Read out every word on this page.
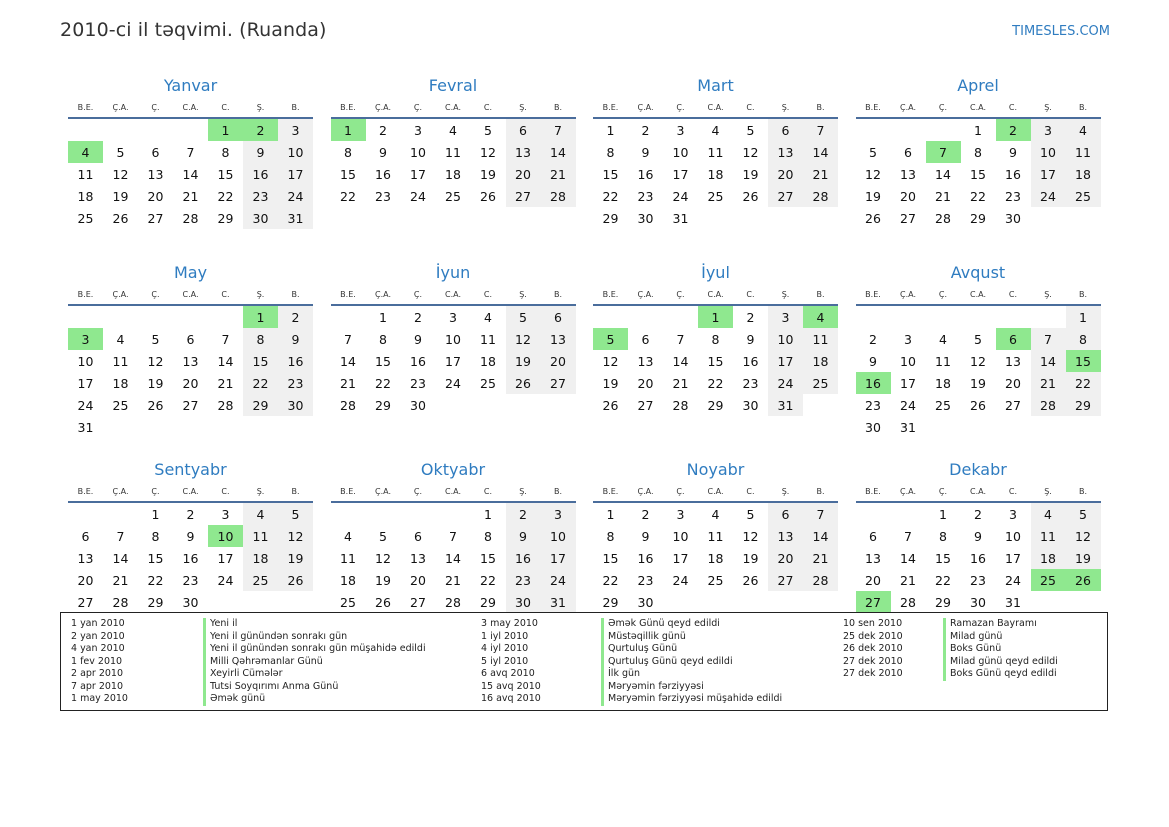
2010-ci il təqvimi. (Ruanda)	TIMESLES.COM
Yanvar
B.E.	Ç.A.	Ç.	C.A.	C.	Ş.	B.
				1	2	3
4	5	6	7	8	9	10
11	12	13	14	15	16	17
18	19	20	21	22	23	24
25	26	27	28	29	30	31
Fevral
B.E.	Ç.A.	Ç.	C.A.	C.	Ş.	B.
1	2	3	4	5	6	7
8	9	10	11	12	13	14
15	16	17	18	19	20	21
22	23	24	25	26	27	28
Mart
B.E.	Ç.A.	Ç.	C.A.	C.	Ş.	B.
1	2	3	4	5	6	7
8	9	10	11	12	13	14
15	16	17	18	19	20	21
22	23	24	25	26	27	28
29	30	31				
Aprel
B.E.	Ç.A.	Ç.	C.A.	C.	Ş.	B.
			1	2	3	4
5	6	7	8	9	10	11
12	13	14	15	16	17	18
19	20	21	22	23	24	25
26	27	28	29	30		
May
B.E.	Ç.A.	Ç.	C.A.	C.	Ş.	B.
					1	2
3	4	5	6	7	8	9
10	11	12	13	14	15	16
17	18	19	20	21	22	23
24	25	26	27	28	29	30
31						
İyun
B.E.	Ç.A.	Ç.	C.A.	C.	Ş.	B.
	1	2	3	4	5	6
7	8	9	10	11	12	13
14	15	16	17	18	19	20
21	22	23	24	25	26	27
28	29	30				
İyul
B.E.	Ç.A.	Ç.	C.A.	C.	Ş.	B.
			1	2	3	4
5	6	7	8	9	10	11
12	13	14	15	16	17	18
19	20	21	22	23	24	25
26	27	28	29	30	31	
Avqust
B.E.	Ç.A.	Ç.	C.A.	C.	Ş.	B.
						1
2	3	4	5	6	7	8
9	10	11	12	13	14	15
16	17	18	19	20	21	22
23	24	25	26	27	28	29
30	31					
Sentyabr
B.E.	Ç.A.	Ç.	C.A.	C.	Ş.	B.
		1	2	3	4	5
6	7	8	9	10	11	12
13	14	15	16	17	18	19
20	21	22	23	24	25	26
27	28	29	30			
Oktyabr
B.E.	Ç.A.	Ç.	C.A.	C.	Ş.	B.
				1	2	3
4	5	6	7	8	9	10
11	12	13	14	15	16	17
18	19	20	21	22	23	24
25	26	27	28	29	30	31
Noyabr
B.E.	Ç.A.	Ç.	C.A.	C.	Ş.	B.
1	2	3	4	5	6	7
8	9	10	11	12	13	14
15	16	17	18	19	20	21
22	23	24	25	26	27	28
29	30					
Dekabr
B.E.	Ç.A.	Ç.	C.A.	C.	Ş.	B.
		1	2	3	4	5
6	7	8	9	10	11	12
13	14	15	16	17	18	19
20	21	22	23	24	25	26
27	28	29	30	31		
1 yan 2010	Yeni il
2 yan 2010	Yeni il günündən sonrakı gün
4 yan 2010	Yeni il günündən sonrakı gün müşahidə edildi
1 fev 2010	Milli Qəhrəmanlar Günü
2 apr 2010	Xeyirli Cümələr
7 apr 2010	Tutsi Soyqırımı Anma Günü
1 may 2010	Əmək günü
3 may 2010	Əmək Günü qeyd edildi
1 iyl 2010	Müstəqillik günü
4 iyl 2010	Qurtuluş Günü
5 iyl 2010	Qurtuluş Günü qeyd edildi
6 avq 2010	İlk gün
15 avq 2010	Məryəmin fərziyyəsi
16 avq 2010	Məryəmin fərziyyəsi müşahidə edildi
10 sen 2010	Ramazan Bayramı
25 dek 2010	Milad günü
26 dek 2010	Boks Günü
27 dek 2010	Milad günü qeyd edildi
27 dek 2010	Boks Günü qeyd edildi
